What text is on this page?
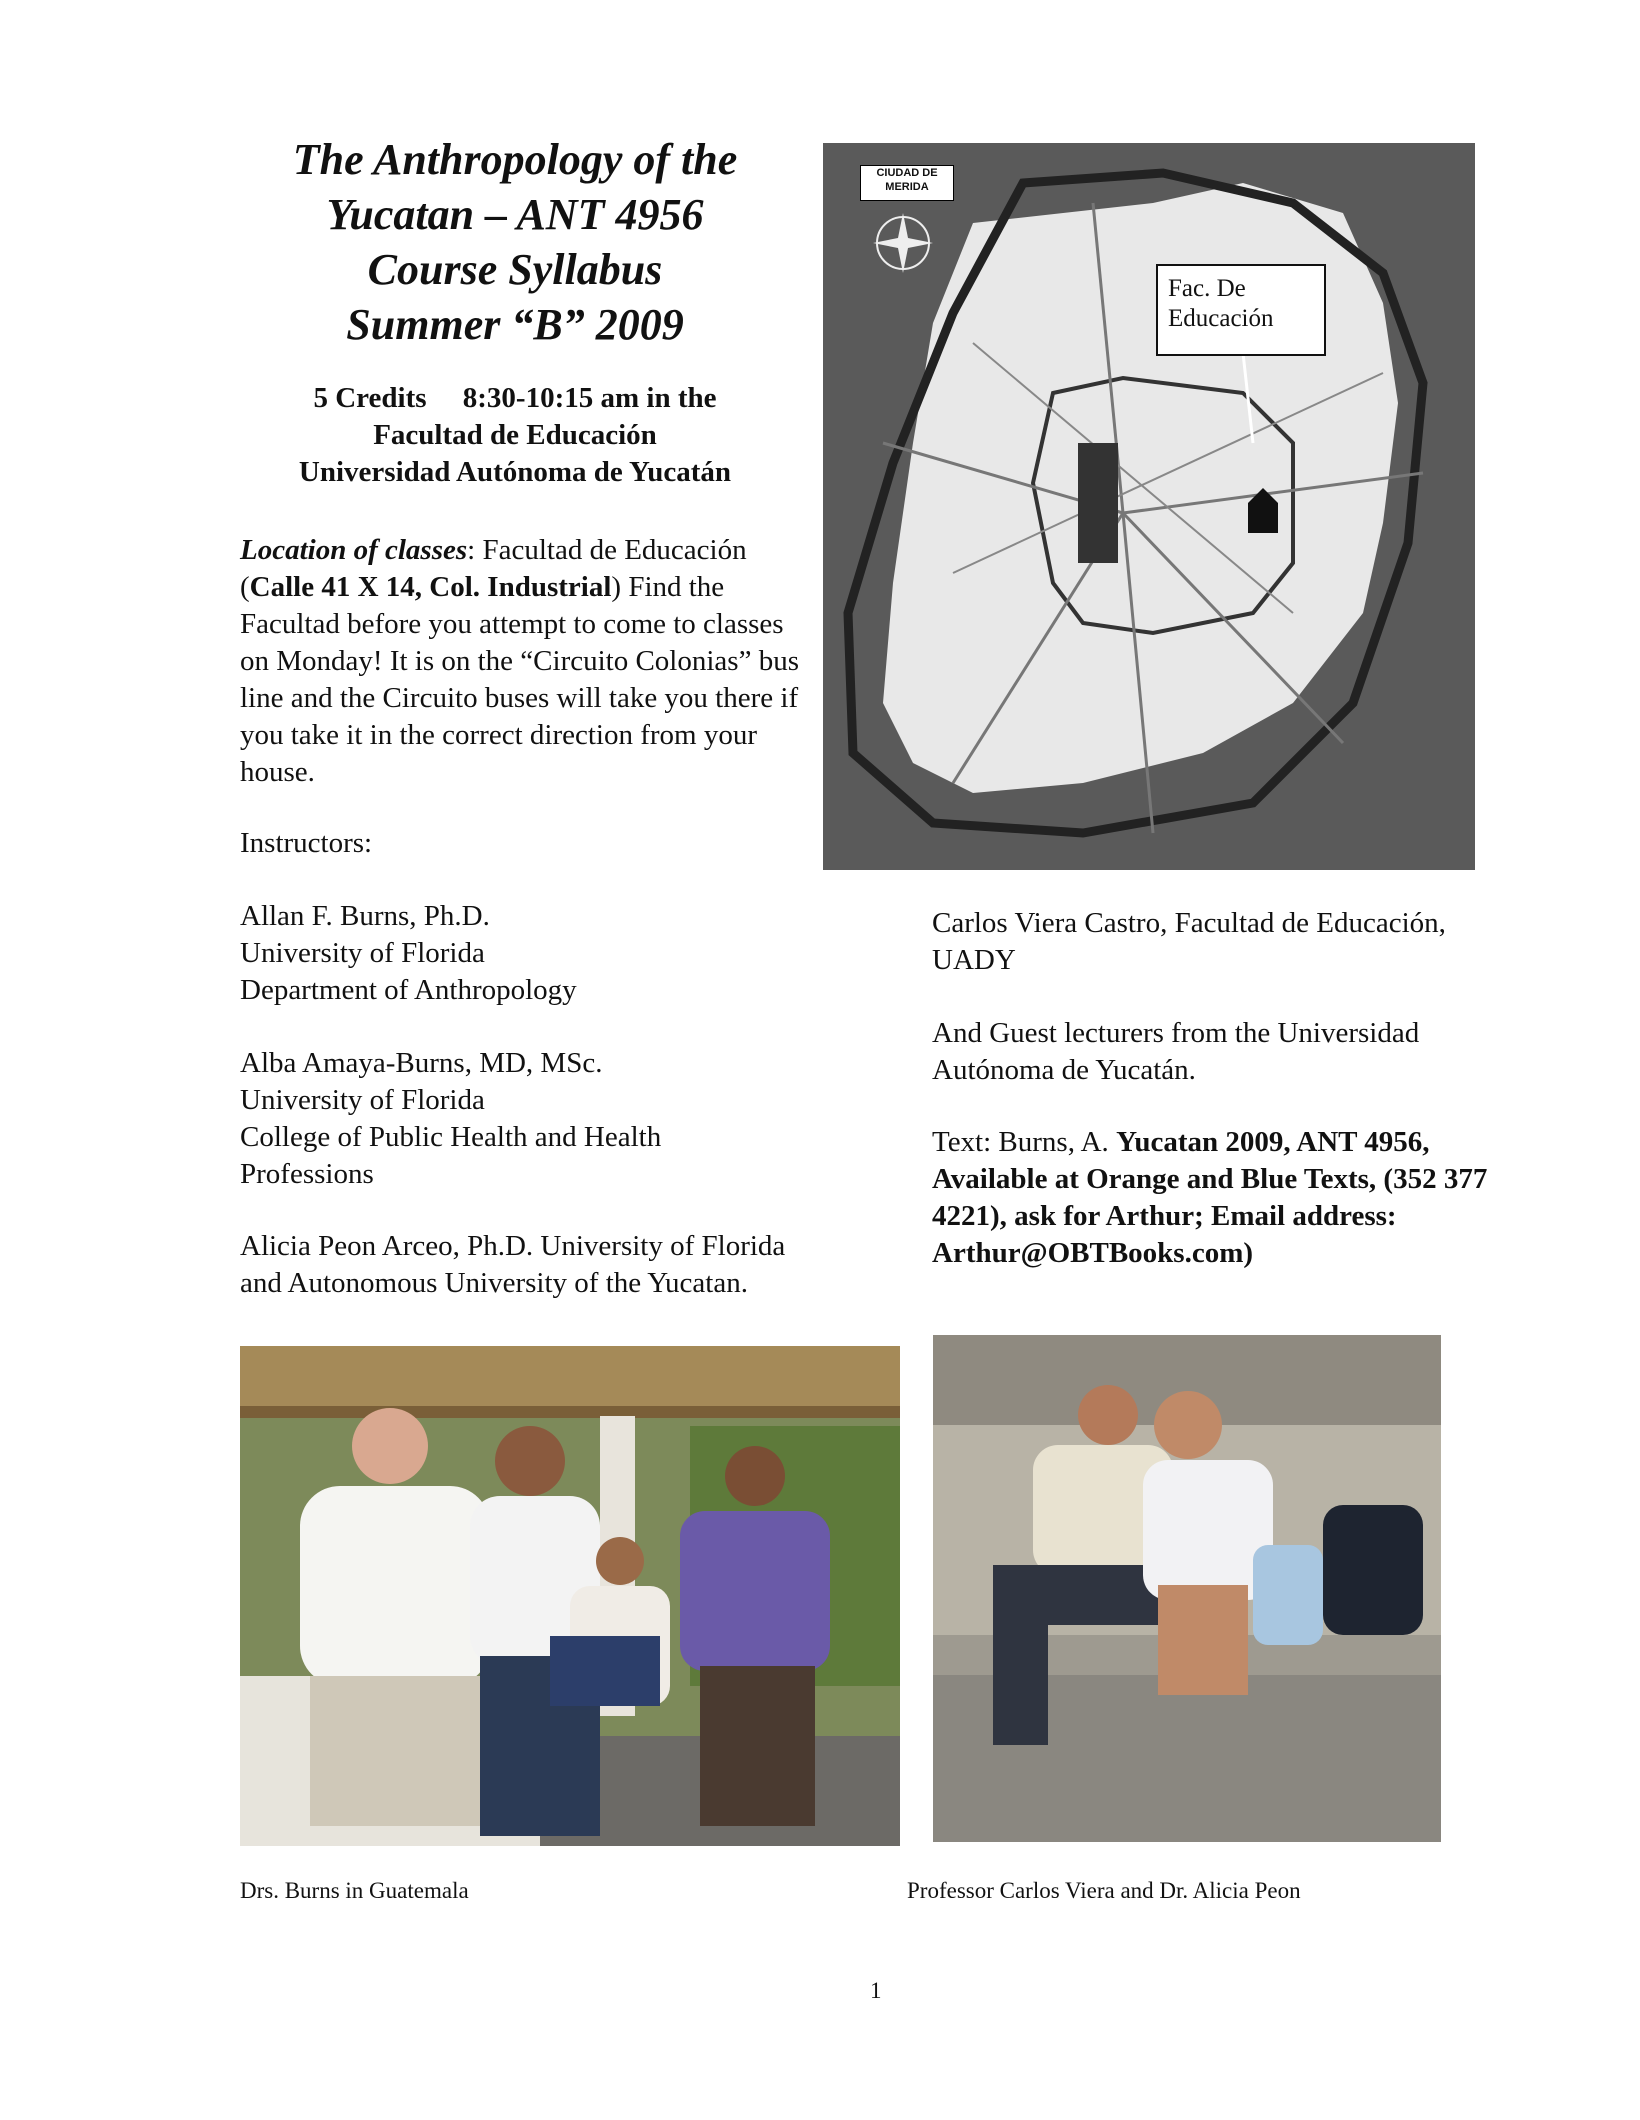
The Anthropology of the
Yucatan – ANT 4956
Course Syllabus
Summer “B” 2009
5 Credits     8:30-10:15 am in the
Facultad de Educación
Universidad Autónoma de Yucatán
Location of classes: Facultad de Educación (Calle 41 X 14, Col. Industrial) Find the Facultad before you attempt to come to classes on Monday! It is on the “Circuito Colonias” bus line and the Circuito buses will take you there if you take it in the correct direction from your house.
Instructors:
Allan F. Burns, Ph.D.
University of Florida
Department of Anthropology
Alba Amaya-Burns, MD, MSc.
University of Florida
College of Public Health and Health
Professions
Alicia Peon Arceo, Ph.D. University of Florida and Autonomous University of the Yucatan.
Carlos Viera Castro, Facultad de Educación, UADY
And Guest lecturers from the Universidad Autónoma de Yucatán.
Text: Burns, A. Yucatan 2009, ANT 4956, Available at Orange and Blue Texts, (352 377 4221), ask for Arthur; Email address: Arthur@OBTBooks.com)
CIUDAD DE MERIDA
Fac. De Educación
Drs. Burns in Guatemala	Professor Carlos Viera and Dr. Alicia Peon
1
